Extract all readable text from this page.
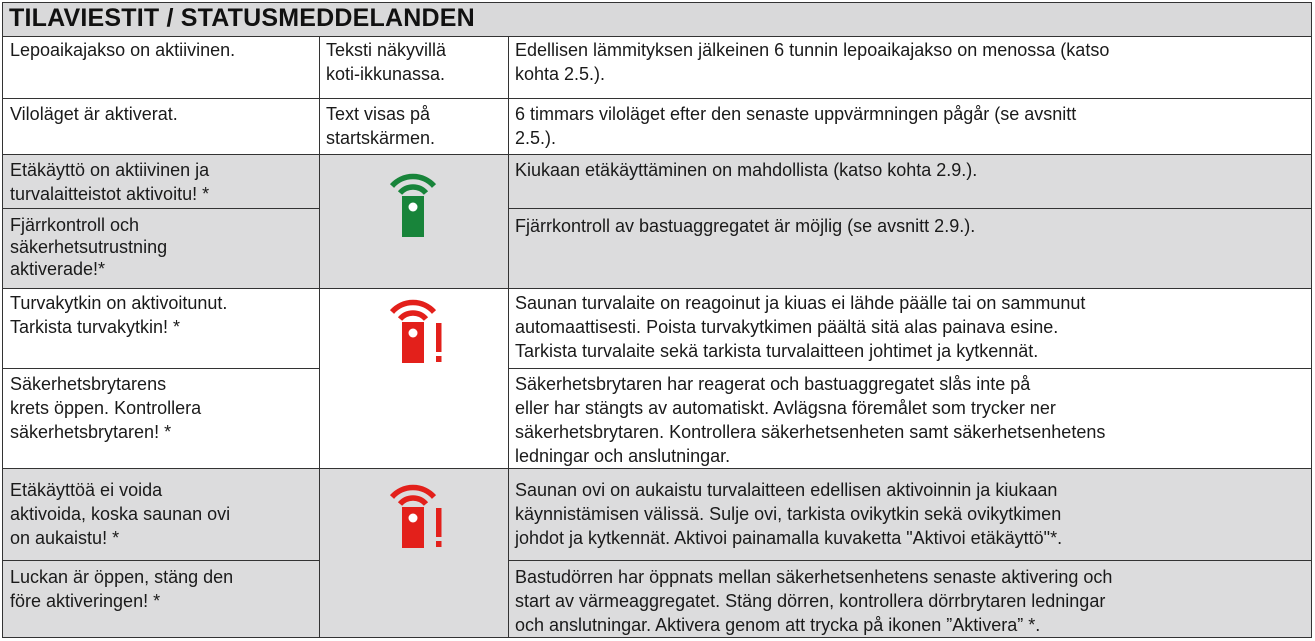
TILAVIESTIT / STATUSMEDDELANDEN
Lepoaikajakso on aktiivinen.	Teksti näkyvillä
koti-ikkunassa.
Edellisen lämmityksen jälkeinen 6 tunnin lepoaikajakso on menossa (katso
kohta 2.5.).
Viloläget är aktiverat.	Text visas på
startskärmen.
6 timmars viloläget efter den senaste uppvärmningen pågår (se avsnitt
2.5.).
Etäkäyttö on aktiivinen ja
turvalaitteistot aktivoitu! *
Kiukaan etäkäyttäminen on mahdollista (katso kohta 2.9.).
Fjärrkontroll och
säkerhetsutrustning
aktiverade!*
Fjärrkontroll av bastuaggregatet är möjlig (se avsnitt 2.9.).
Turvakytkin on aktivoitunut.
Tarkista turvakytkin! *
Saunan turvalaite on reagoinut ja kiuas ei lähde päälle tai on sammunut
automaattisesti. Poista turvakytkimen päältä sitä alas painava esine.
Tarkista turvalaite sekä tarkista turvalaitteen johtimet ja kytkennät.
Säkerhetsbrytarens
krets öppen. Kontrollera
säkerhetsbrytaren! *
Säkerhetsbrytaren har reagerat och bastuaggregatet slås inte på
eller har stängts av automatiskt. Avlägsna föremålet som trycker ner
säkerhetsbrytaren. Kontrollera säkerhetsenheten samt säkerhetsenhetens
ledningar och anslutningar.
Etäkäyttöä ei voida
aktivoida, koska saunan ovi
on aukaistu! *
Saunan ovi on aukaistu turvalaitteen edellisen aktivoinnin ja kiukaan
käynnistämisen välissä. Sulje ovi, tarkista ovikytkin sekä ovikytkimen
johdot ja kytkennät. Aktivoi painamalla kuvaketta "Aktivoi etäkäyttö"*.
Luckan är öppen, stäng den
före aktiveringen! *
Bastudörren har öppnats mellan säkerhetsenhetens senaste aktivering och
start av värmeaggregatet. Stäng dörren, kontrollera dörrbrytaren ledningar
och anslutningar. Aktivera genom att trycka på ikonen ”Aktivera” *.
